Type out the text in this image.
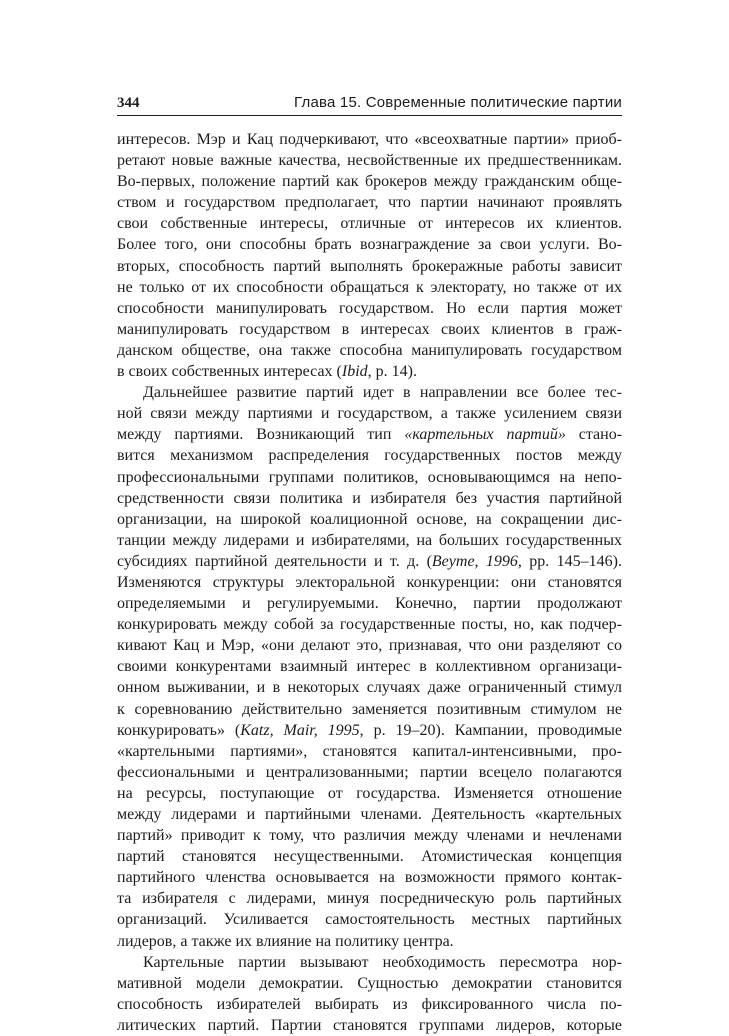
344	Глава 15. Современные политические партии
интересов. Мэр и Кац подчеркивают, что «всеохватные партии» приоб-
ретают новые важные качества, несвойственные их предшественникам.
Во-первых, положение партий как брокеров между гражданским обще-
ством и государством предполагает, что партии начинают проявлять
свои собственные интересы, отличные от интересов их клиентов.
Более того, они способны брать вознаграждение за свои услуги. Во-
вторых, способность партий выполнять брокеражные работы зависит
не только от их способности обращаться к электорату, но также от их
способности манипулировать государством. Но если партия может
манипулировать государством в интересах своих клиентов в граж-
данском обществе, она также способна манипулировать государством
в своих собственных интересах (Ibid, p. 14).
Дальнейшее развитие партий идет в направлении все более тес-
ной связи между партиями и государством, а также усилением связи
между партиями. Возникающий тип «картельных партий» стано-
вится механизмом распределения государственных постов между
профессиональными группами политиков, основывающимся на непо-
средственности связи политика и избирателя без участия партийной
организации, на широкой коалиционной основе, на сокращении дис-
танции между лидерами и избирателями, на больших государственных
субсидиях партийной деятельности и т. д. (Beyme, 1996, pp. 145–146).
Изменяются структуры электоральной конкуренции: они становятся
определяемыми и регулируемыми. Конечно, партии продолжают
конкурировать между собой за государственные посты, но, как подчер-
кивают Кац и Мэр, «они делают это, признавая, что они разделяют со
своими конкурентами взаимный интерес в коллективном организаци-
онном выживании, и в некоторых случаях даже ограниченный стимул
к соревнованию действительно заменяется позитивным стимулом не
конкурировать» (Katz, Mair, 1995, p. 19–20). Кампании, проводимые
«картельными партиями», становятся капитал-интенсивными, про-
фессиональными и централизованными; партии всецело полагаются
на ресурсы, поступающие от государства. Изменяется отношение
между лидерами и партийными членами. Деятельность «картельных
партий» приводит к тому, что различия между членами и нечленами
партий становятся несущественными. Атомистическая концепция
партийного членства основывается на возможности прямого контак-
та избирателя с лидерами, минуя посредническую роль партийных
организаций. Усиливается самостоятельность местных партийных
лидеров, а также их влияние на политику центра.
Картельные партии вызывают необходимость пересмотра нор-
мативной модели демократии. Сущностью демократии становится
способность избирателей выбирать из фиксированного числа по-
литических партий. Партии становятся группами лидеров, которые
